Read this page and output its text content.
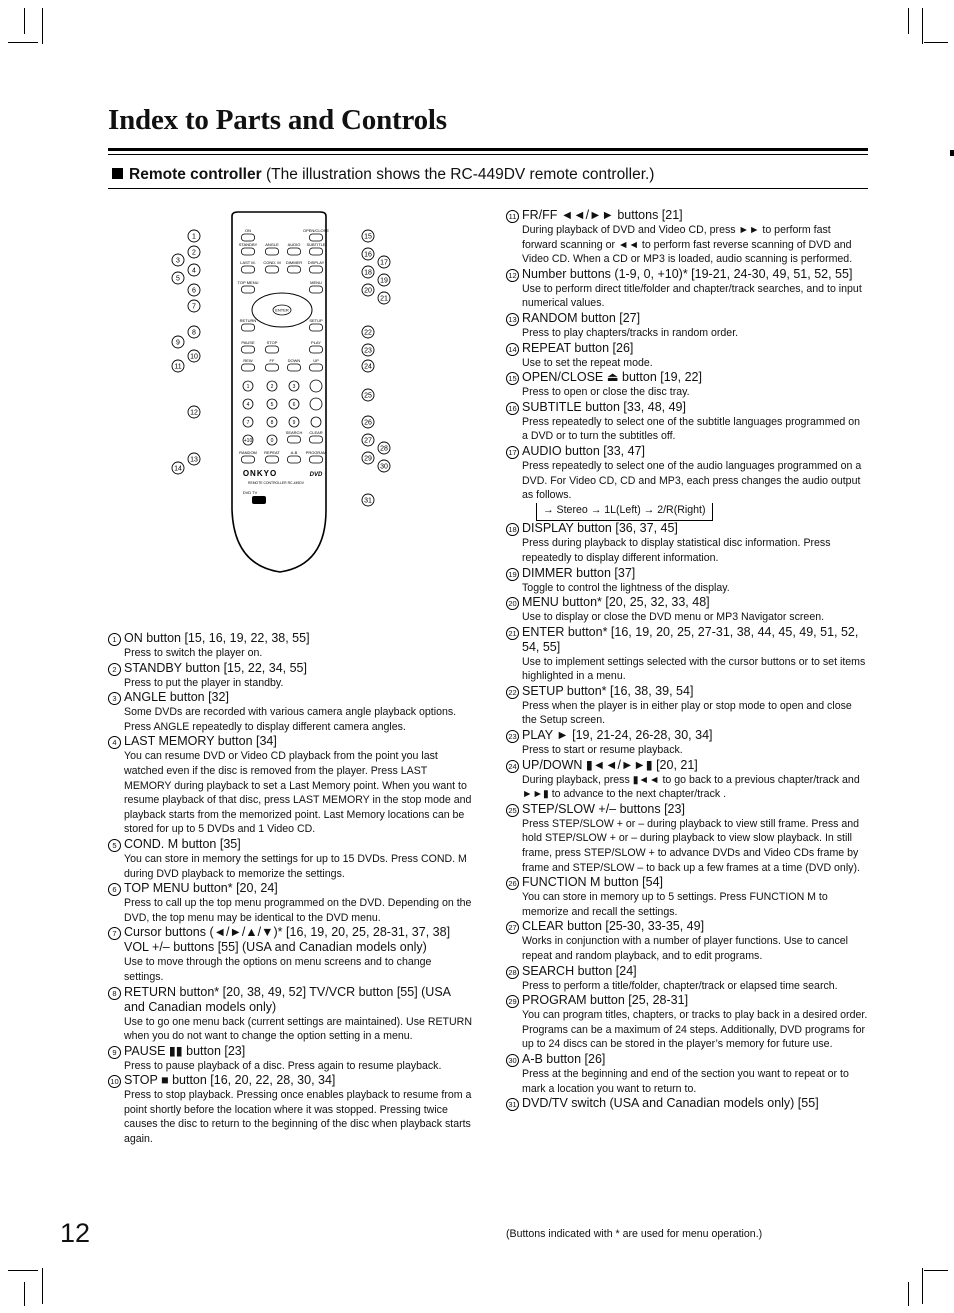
Index to Parts and Controls
Remote controller (The illustration shows the RC-449DV remote controller.)
ON	OPEN/CLOSE
STANDBY ANGLE AUDIO SUBTITLE
LAST M. COND. M DIMMER DISPLAY
TOP MENU	MENU
RETURN	SETUP
PAUSE	STOP	PLAY
REW	FF	DOWN	UP
SEARCH CLEAR
RANDOM REPEAT	A-B PROGRAM
ENTER
1	2	3
4	5	6
7	8	9
+10	0
ONKYO	DVD
REMOTE CONTROLLER RC-449DV
DVD TV
1
2
3
4
5
6
7
8
9
10
11
12
13
14
15
16
17
18
19
20
21
22
23
24
25
26
27
28
29
30
31
1 ON button [15, 16, 19, 22, 38, 55]
Press to switch the player on.
2 STANDBY button [15, 22, 34, 55]
Press to put the player in standby.
3 ANGLE button [32]
Some DVDs are recorded with various camera angle playback options. Press ANGLE repeatedly to display different camera angles.
4 LAST MEMORY button [34]
You can resume DVD or Video CD playback from the point you last watched even if the disc is removed from the player. Press LAST MEMORY during playback to set a Last Memory point. When you want to resume playback of that disc, press LAST MEMORY in the stop mode and playback starts from the memorized point. Last Memory locations can be stored for up to 5 DVDs and 1 Video CD.
5 COND. M button [35]
You can store in memory the settings for up to 15 DVDs. Press COND. M during DVD playback to memorize the settings.
6 TOP MENU button* [20, 24]
Press to call up the top menu programmed on the DVD. Depending on the DVD, the top menu may be identical to the DVD menu.
7 Cursor buttons (◄/►/▲/▼)* [16, 19, 20, 25, 28-31, 37, 38] VOL +/– buttons [55] (USA and Canadian models only)
Use to move through the options on menu screens and to change settings.
8 RETURN button* [20, 38, 49, 52] TV/VCR button [55] (USA and Canadian models only)
Use to go one menu back (current settings are maintained). Use RETURN when you do not want to change the option setting in a menu.
9 PAUSE ▮▮ button [23]
Press to pause playback of a disc. Press again to resume playback.
10 STOP ■ button [16, 20, 22, 28, 30, 34]
Press to stop playback. Pressing once enables playback to resume from a point shortly before the location where it was stopped. Pressing twice causes the disc to return to the beginning of the disc when playback starts again.
11 FR/FF ◄◄/►► buttons [21]
During playback of DVD and Video CD, press ►► to perform fast forward scanning or ◄◄ to perform fast reverse scanning of DVD and Video CD. When a CD or MP3 is loaded, audio scanning is performed.
12 Number buttons (1-9, 0, +10)* [19-21, 24-30, 49, 51, 52, 55]
Use to perform direct title/folder and chapter/track searches, and to input numerical values.
13 RANDOM button [27]
Press to play chapters/tracks in random order.
14 REPEAT button [26]
Use to set the repeat mode.
15 OPEN/CLOSE ⏏ button [19, 22]
Press to open or close the disc tray.
16 SUBTITLE button [33, 48, 49]
Press repeatedly to select one of the subtitle languages programmed on a DVD or to turn the subtitles off.
17 AUDIO button [33, 47]
Press repeatedly to select one of the audio languages programmed on a DVD. For Video CD, CD and MP3, each press changes the audio output as follows.
→ Stereo → 1L(Left) → 2/R(Right)
18 DISPLAY button [36, 37, 45]
Press during playback to display statistical disc information. Press repeatedly to display different information.
19 DIMMER button [37]
Toggle to control the lightness of the display.
20 MENU button* [20, 25, 32, 33, 48]
Use to display or close the DVD menu or MP3 Navigator screen.
21 ENTER button* [16, 19, 20, 25, 27-31, 38, 44, 45, 49, 51, 52, 54, 55]
Use to implement settings selected with the cursor buttons or to set items highlighted in a menu.
22 SETUP button* [16, 38, 39, 54]
Press when the player is in either play or stop mode to open and close the Setup screen.
23 PLAY ► [19, 21-24, 26-28, 30, 34]
Press to start or resume playback.
24 UP/DOWN ▮◄◄/►►▮ [20, 21]
During playback, press ▮◄◄ to go back to a previous chapter/track and ►►▮ to advance to the next chapter/track .
25 STEP/SLOW +/– buttons [23]
Press STEP/SLOW + or – during playback to view still frame. Press and hold STEP/SLOW + or – during playback to view slow playback. In still frame, press STEP/SLOW + to advance DVDs and Video CDs frame by frame and STEP/SLOW – to back up a few frames at a time (DVD only).
26 FUNCTION M button [54]
You can store in memory up to 5 settings. Press FUNCTION M to memorize and recall the settings.
27 CLEAR button [25-30, 33-35, 49]
Works in conjunction with a number of player functions. Use to cancel repeat and random playback, and to edit programs.
28 SEARCH button [24]
Press to perform a title/folder, chapter/track or elapsed time search.
29 PROGRAM button [25, 28-31]
You can program titles, chapters, or tracks to play back in a desired order. Programs can be a maximum of 24 steps. Additionally, DVD programs for up to 24 discs can be stored in the player’s memory for future use.
30 A-B button [26]
Press at the beginning and end of the section you want to repeat or to mark a location you want to return to.
31 DVD/TV switch (USA and Canadian models only) [55]
12	(Buttons indicated with * are used for menu operation.)
